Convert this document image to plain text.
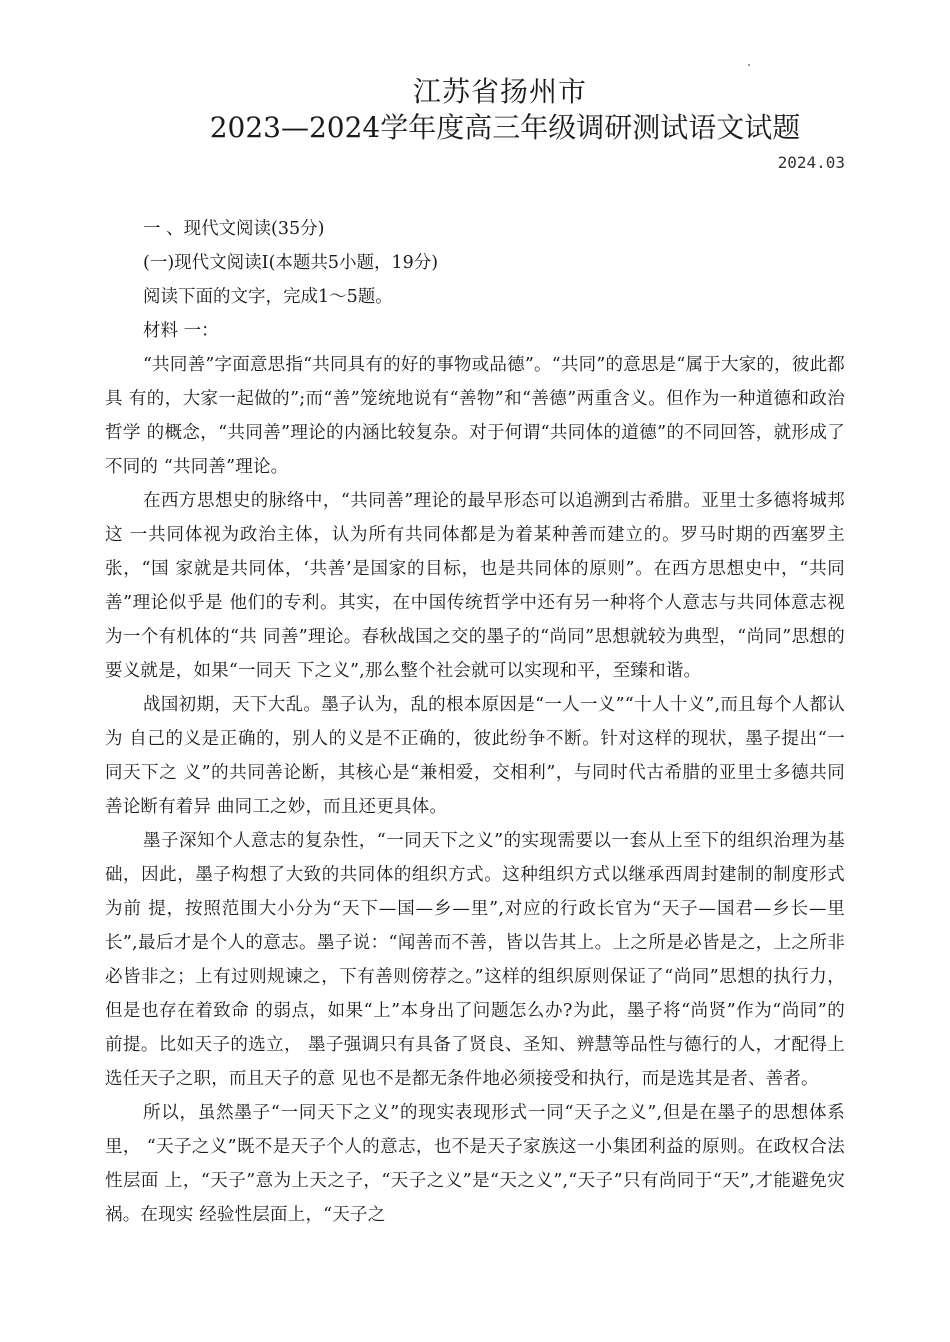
江苏省扬州市
2023—2024学年度高三年级调研测试语文试题
2024.03
一 、现代文阅读(35分)
(一)现代文阅读Ⅰ(本题共5小题，19分)
阅读下面的文字，完成1～5题。
材料 一：

“共同善”字面意思指“共同具有的好的事物或品德”。“共同”的意思是“属于大家的，彼此都具 有的，大家一起做的”;而“善”笼统地说有“善物”和“善德”两重含义。但作为一种道德和政治哲学 的概念，“共同善”理论的内涵比较复杂。对于何谓“共同体的道德”的不同回答，就形成了不同的 “共同善”理论。

在西方思想史的脉络中，“共同善”理论的最早形态可以追溯到古希腊。亚里士多德将城邦这 一共同体视为政治主体，认为所有共同体都是为着某种善而建立的。罗马时期的西塞罗主张，“国 家就是共同体，‘共善’是国家的目标，也是共同体的原则”。在西方思想史中，“共同善”理论似乎是 他们的专利。其实，在中国传统哲学中还有另一种将个人意志与共同体意志视为一个有机体的“共 同善”理论。春秋战国之交的墨子的“尚同”思想就较为典型，“尚同”思想的要义就是，如果“一同天 下之义”,那么整个社会就可以实现和平，至臻和谐。

战国初期，天下大乱。墨子认为，乱的根本原因是“一人一义”“十人十义”,而且每个人都认为 自己的义是正确的，别人的义是不正确的，彼此纷争不断。针对这样的现状，墨子提出“一同天下之 义”的共同善论断，其核心是“兼相爱，交相利”，与同时代古希腊的亚里士多德共同善论断有着异 曲同工之妙，而且还更具体。

墨子深知个人意志的复杂性，“一同天下之义”的实现需要以一套从上至下的组织治理为基 础，因此，墨子构想了大致的共同体的组织方式。这种组织方式以继承西周封建制的制度形式为前 提，按照范围大小分为“天下—国—乡—里”,对应的行政长官为“天子—国君—乡长—里长”,最后才是个人的意志。墨子说：“闻善而不善，皆以告其上。上之所是必皆是之，上之所非必皆非之；上有过则规谏之，下有善则傍荐之。”这样的组织原则保证了“尚同”思想的执行力，但是也存在着致命 的弱点，如果“上”本身出了问题怎么办?为此，墨子将“尚贤”作为“尚同”的前提。比如天子的选立， 墨子强调只有具备了贤良、圣知、辨慧等品性与德行的人，才配得上选任天子之职，而且天子的意 见也不是都无条件地必须接受和执行，而是选其是者、善者。

所以，虽然墨子“一同天下之义”的现实表现形式一同“天子之义”,但是在墨子的思想体系里， “天子之义”既不是天子个人的意志，也不是天子家族这一小集团利益的原则。在政权合法性层面 上，“天子”意为上天之子，“天子之义”是“天之义”,“天子”只有尚同于“天”,才能避免灾祸。在现实 经验性层面上，“天子之
